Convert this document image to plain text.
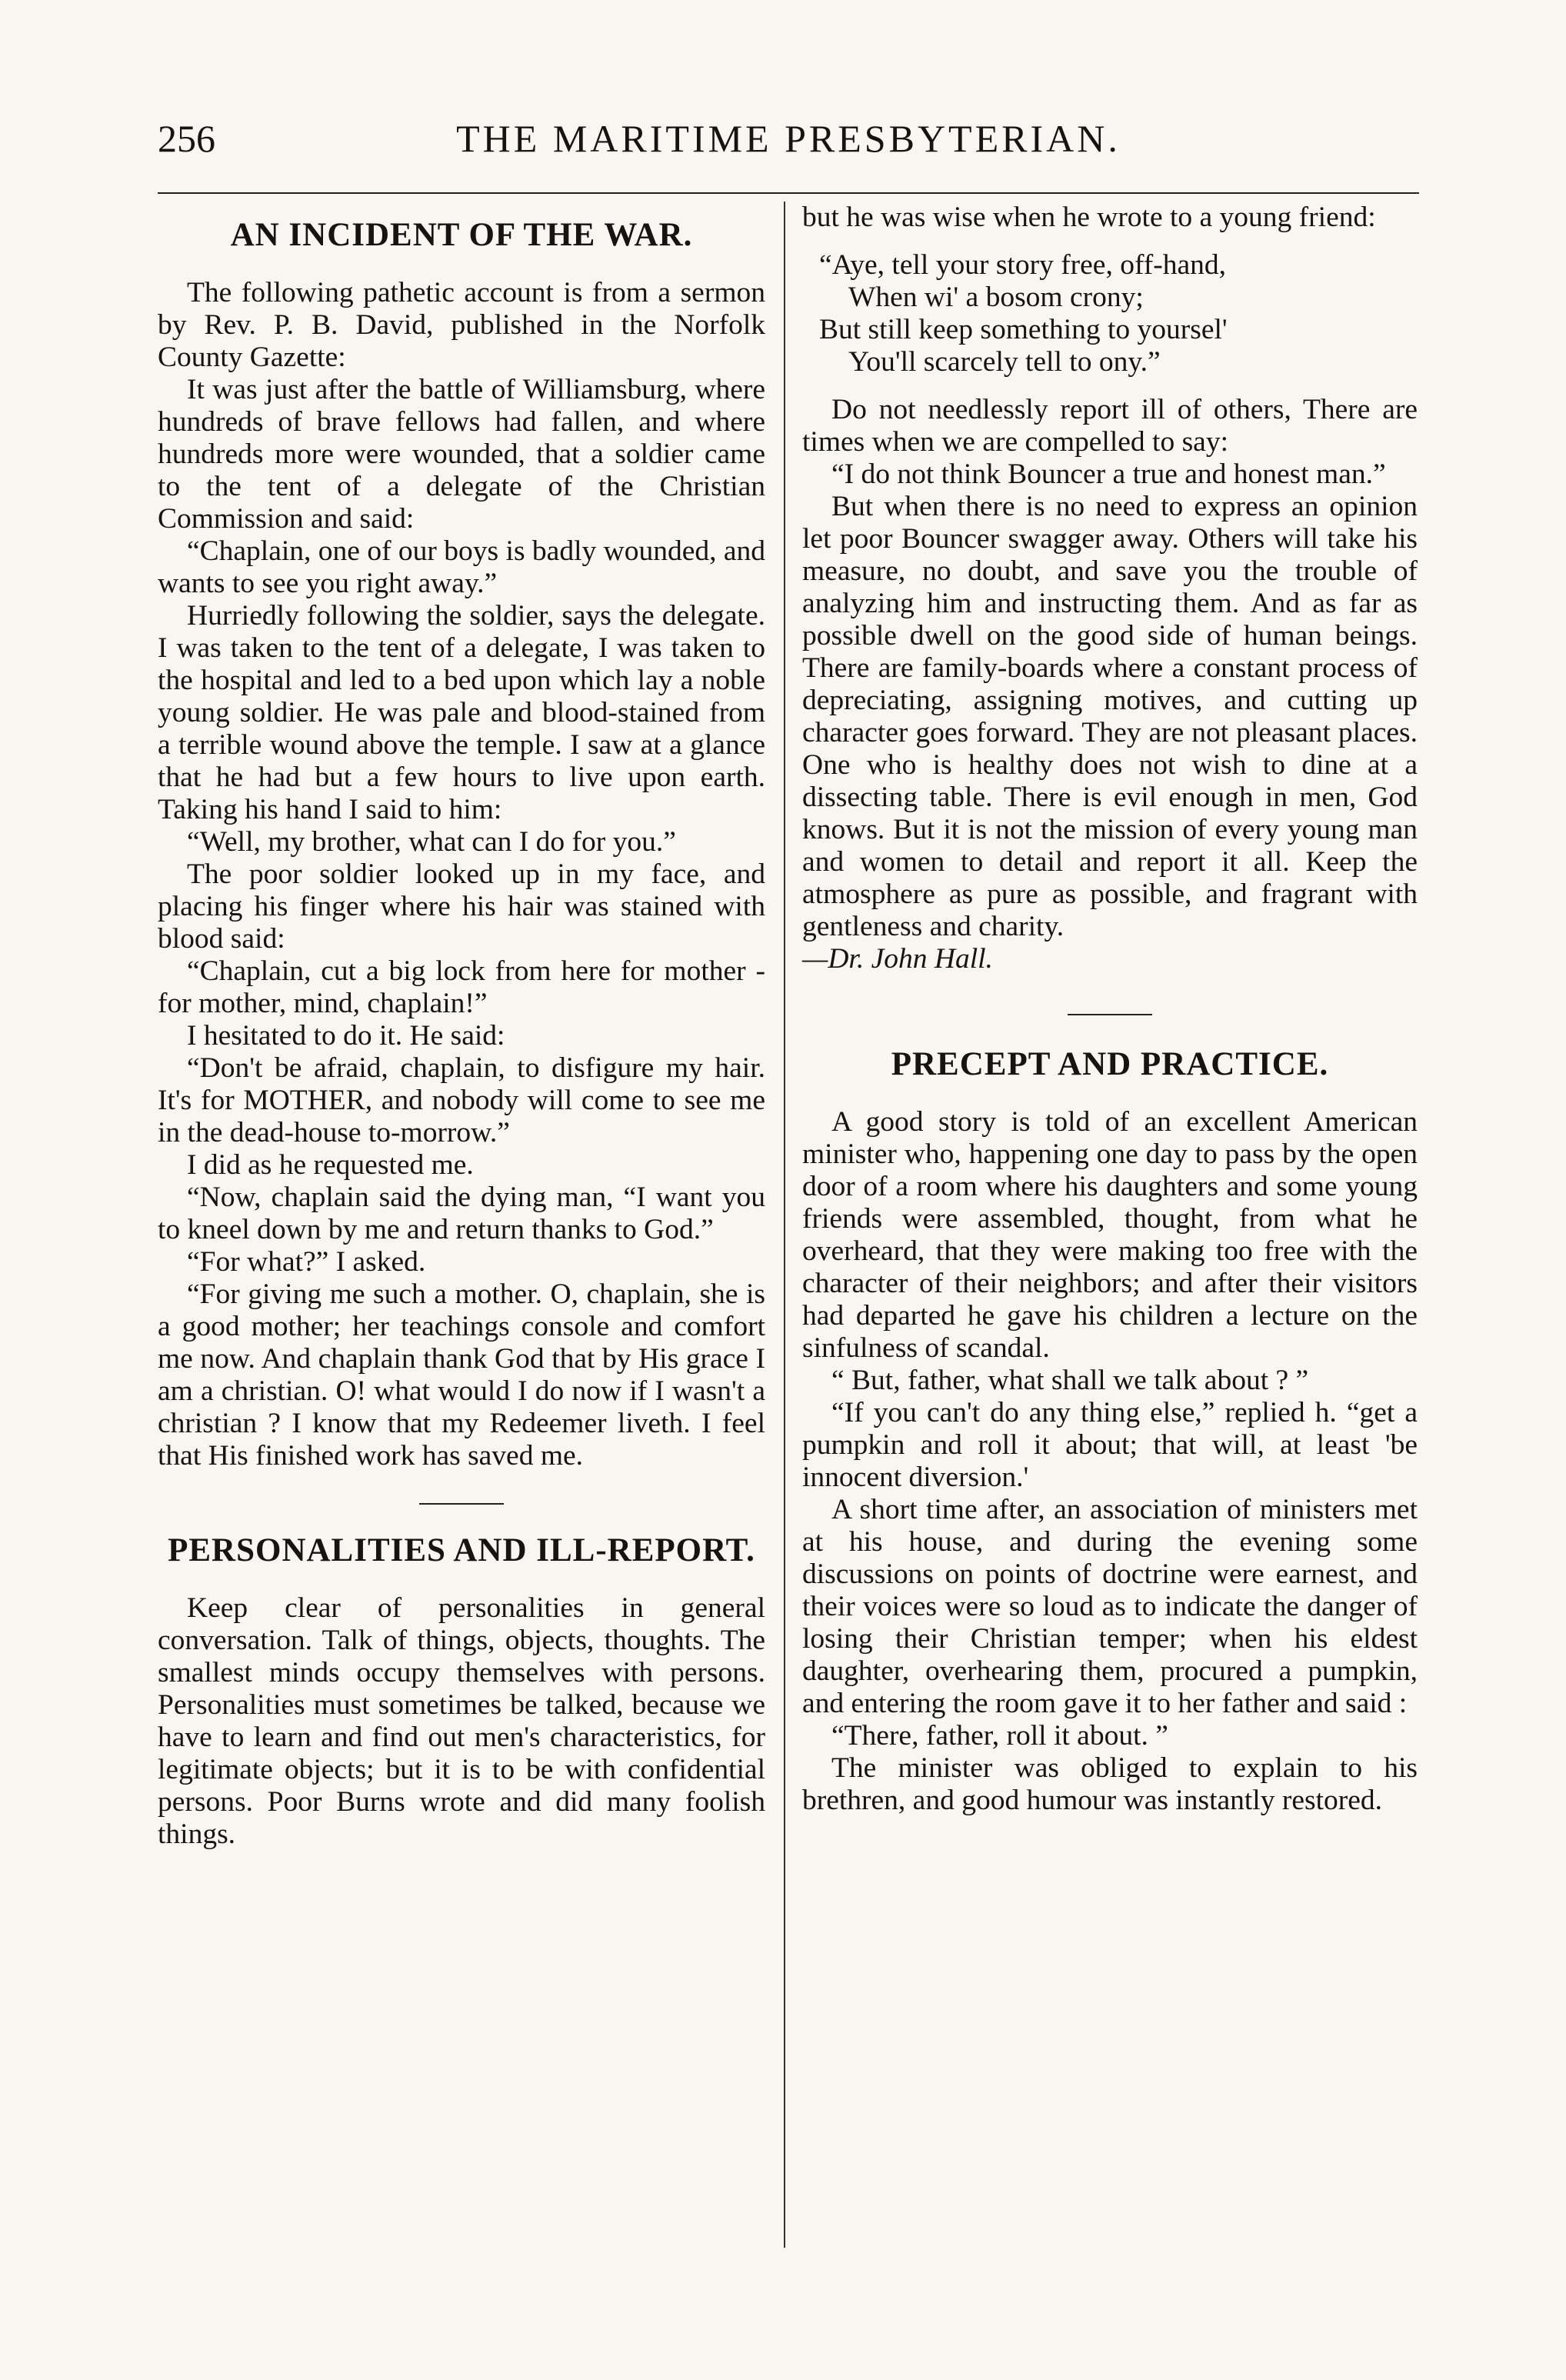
256	THE MARITIME PRESBYTERIAN.
AN INCIDENT OF THE WAR.

The following pathetic account is from a sermon by Rev. P. B. David, published in the Norfolk County Gazette:

It was just after the battle of Williamsburg, where hundreds of brave fellows had fallen, and where hundreds more were wounded, that a soldier came to the tent of a delegate of the Christian Commission and said:

“Chaplain, one of our boys is badly wounded, and wants to see you right away.”

Hurriedly following the soldier, says the delegate. I was taken to the tent of a delegate, I was taken to the hospital and led to a bed upon which lay a noble young soldier. He was pale and blood-stained from a terrible wound above the temple. I saw at a glance that he had but a few hours to live upon earth. Taking his hand I said to him:

“Well, my brother, what can I do for you.”

The poor soldier looked up in my face, and placing his finger where his hair was stained with blood said:

“Chaplain, cut a big lock from here for mother -for mother, mind, chaplain!”

I hesitated to do it. He said:

“Don't be afraid, chaplain, to disfigure my hair. It's for MOTHER, and nobody will come to see me in the dead-house to-morrow.”

I did as he requested me.

“Now, chaplain said the dying man, “I want you to kneel down by me and return thanks to God.”

“For what?” I asked.

“For giving me such a mother. O, chaplain, she is a good mother; her teachings console and comfort me now. And chaplain thank God that by His grace I am a christian. O! what would I do now if I wasn't a christian ? I know that my Redeemer liveth. I feel that His finished work has saved me.

PERSONALITIES AND ILL-REPORT.

Keep clear of personalities in general conversation. Talk of things, objects, thoughts. The smallest minds occupy themselves with persons. Personalities must sometimes be talked, because we have to learn and find out men's characteristics, for legitimate objects; but it is to be with confidential persons. Poor Burns wrote and did many foolish things.

but he was wise when he wrote to a young friend:

“Aye, tell your story free, off-hand,
When wi' a bosom crony;
But still keep something to yoursel'
You'll scarcely tell to ony.”

Do not needlessly report ill of others, There are times when we are compelled to say:

“I do not think Bouncer a true and honest man.”

But when there is no need to express an opinion let poor Bouncer swagger away. Others will take his measure, no doubt, and save you the trouble of analyzing him and instructing them. And as far as possible dwell on the good side of human beings. There are family-boards where a constant process of depreciating, assigning motives, and cutting up character goes forward. They are not pleasant places. One who is healthy does not wish to dine at a dissecting table. There is evil enough in men, God knows. But it is not the mission of every young man and women to detail and report it all. Keep the atmosphere as pure as possible, and fragrant with gentleness and charity.

—Dr. John Hall.

PRECEPT AND PRACTICE.

A good story is told of an excellent American minister who, happening one day to pass by the open door of a room where his daughters and some young friends were assembled, thought, from what he overheard, that they were making too free with the character of their neighbors; and after their visitors had departed he gave his children a lecture on the sinfulness of scandal.

“ But, father, what shall we talk about ? ”

“If you can't do any thing else,” replied h. “get a pumpkin and roll it about; that will, at least 'be innocent diversion.'

A short time after, an association of ministers met at his house, and during the evening some discussions on points of doctrine were earnest, and their voices were so loud as to indicate the danger of losing their Christian temper; when his eldest daughter, overhearing them, procured a pumpkin, and entering the room gave it to her father and said :

“There, father, roll it about. ”

The minister was obliged to explain to his brethren, and good humour was instantly restored.
